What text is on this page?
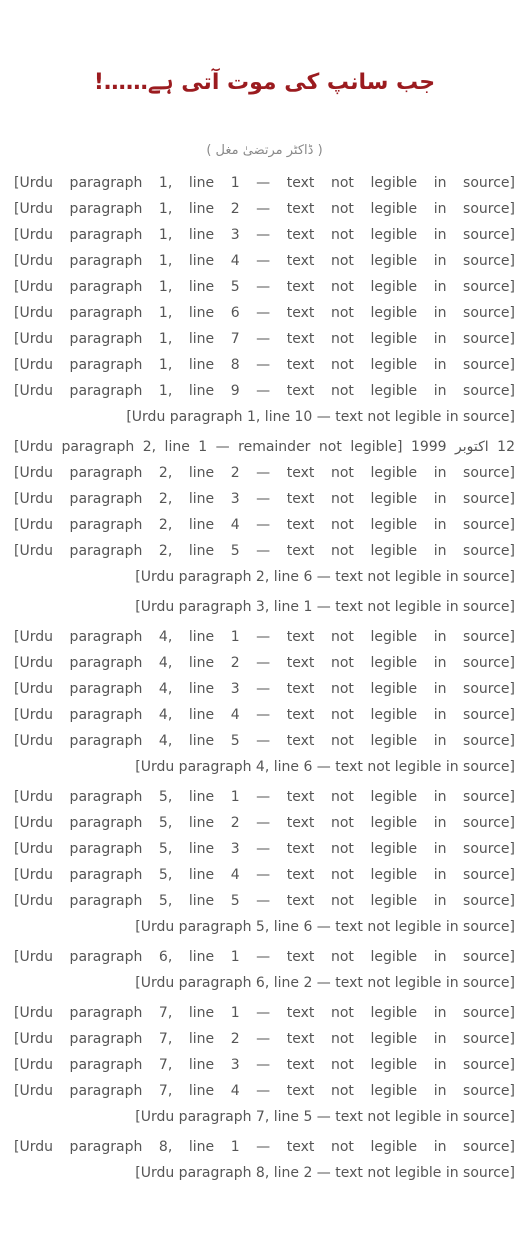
جب سانپ کی موت آتی ہے……!
( ڈاکٹر مرتضیٰ مغل )
[Urdu paragraph 1, line 1 — text not legible in source]
[Urdu paragraph 1, line 2 — text not legible in source]
[Urdu paragraph 1, line 3 — text not legible in source]
[Urdu paragraph 1, line 4 — text not legible in source]
[Urdu paragraph 1, line 5 — text not legible in source]
[Urdu paragraph 1, line 6 — text not legible in source]
[Urdu paragraph 1, line 7 — text not legible in source]
[Urdu paragraph 1, line 8 — text not legible in source]
[Urdu paragraph 1, line 9 — text not legible in source]
[Urdu paragraph 1, line 10 — text not legible in source]
12 اکتوبر 1999 [Urdu paragraph 2, line 1 — remainder not legible]
[Urdu paragraph 2, line 2 — text not legible in source]
[Urdu paragraph 2, line 3 — text not legible in source]
[Urdu paragraph 2, line 4 — text not legible in source]
[Urdu paragraph 2, line 5 — text not legible in source]
[Urdu paragraph 2, line 6 — text not legible in source]
[Urdu paragraph 3, line 1 — text not legible in source]
[Urdu paragraph 4, line 1 — text not legible in source]
[Urdu paragraph 4, line 2 — text not legible in source]
[Urdu paragraph 4, line 3 — text not legible in source]
[Urdu paragraph 4, line 4 — text not legible in source]
[Urdu paragraph 4, line 5 — text not legible in source]
[Urdu paragraph 4, line 6 — text not legible in source]
[Urdu paragraph 5, line 1 — text not legible in source]
[Urdu paragraph 5, line 2 — text not legible in source]
[Urdu paragraph 5, line 3 — text not legible in source]
[Urdu paragraph 5, line 4 — text not legible in source]
[Urdu paragraph 5, line 5 — text not legible in source]
[Urdu paragraph 5, line 6 — text not legible in source]
[Urdu paragraph 6, line 1 — text not legible in source]
[Urdu paragraph 6, line 2 — text not legible in source]
[Urdu paragraph 7, line 1 — text not legible in source]
[Urdu paragraph 7, line 2 — text not legible in source]
[Urdu paragraph 7, line 3 — text not legible in source]
[Urdu paragraph 7, line 4 — text not legible in source]
[Urdu paragraph 7, line 5 — text not legible in source]
[Urdu paragraph 8, line 1 — text not legible in source]
[Urdu paragraph 8, line 2 — text not legible in source]
